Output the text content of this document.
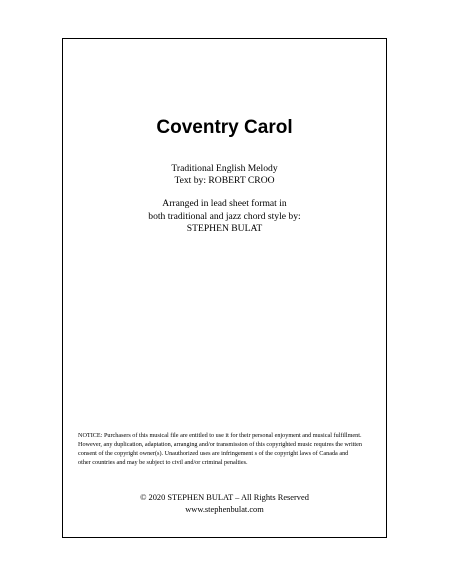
Coventry Carol
Traditional English Melody
Text by: ROBERT CROO
Arranged in lead sheet format in
both traditional and jazz chord style by:
STEPHEN BULAT
NOTICE: Purchasers of this musical file are entitled to use it for their personal enjoyment and musical fulfillment.
However, any duplication, adaptation, arranging and/or transmission of this copyrighted music requires the written
consent of the copyright owner(s). Unauthorized uses are infringement s of the copyright laws of Canada and
other countries and may be subject to civil and/or criminal penalties.
© 2020 STEPHEN BULAT – All Rights Reserved
www.stephenbulat.com
